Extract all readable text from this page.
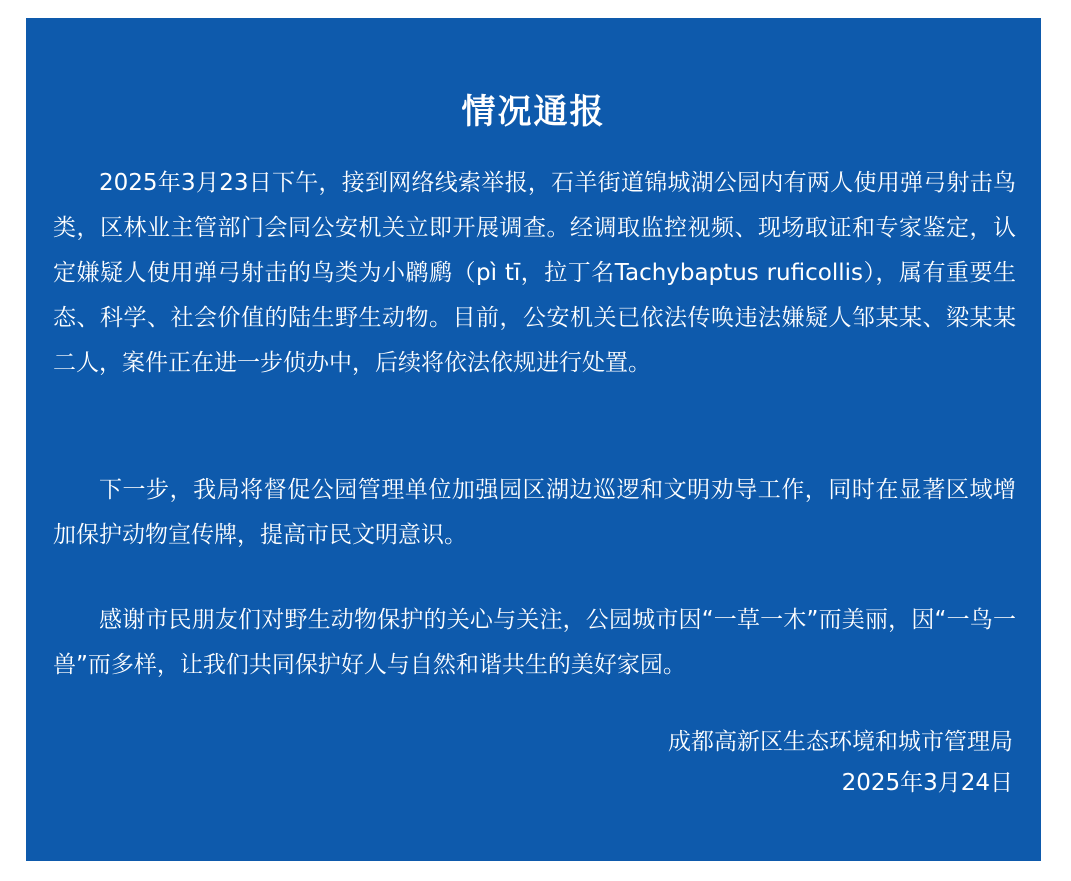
情况通报

2025年3月23日下午，接到网络线索举报，石羊街道锦城湖公园内有两人使用弹弓射击鸟类，区林业主管部门会同公安机关立即开展调查。经调取监控视频、现场取证和专家鉴定，认定嫌疑人使用弹弓射击的鸟类为小䴙䴘（pì tī，拉丁名Tachybaptus ruficollis），属有重要生态、科学、社会价值的陆生野生动物。目前，公安机关已依法传唤违法嫌疑人邹某某、梁某某二人，案件正在进一步侦办中，后续将依法依规进行处置。

下一步，我局将督促公园管理单位加强园区湖边巡逻和文明劝导工作，同时在显著区域增加保护动物宣传牌，提高市民文明意识。

感谢市民朋友们对野生动物保护的关心与关注，公园城市因“一草一木”而美丽，因“一鸟一兽”而多样，让我们共同保护好人与自然和谐共生的美好家园。

成都高新区生态环境和城市管理局
2025年3月24日
